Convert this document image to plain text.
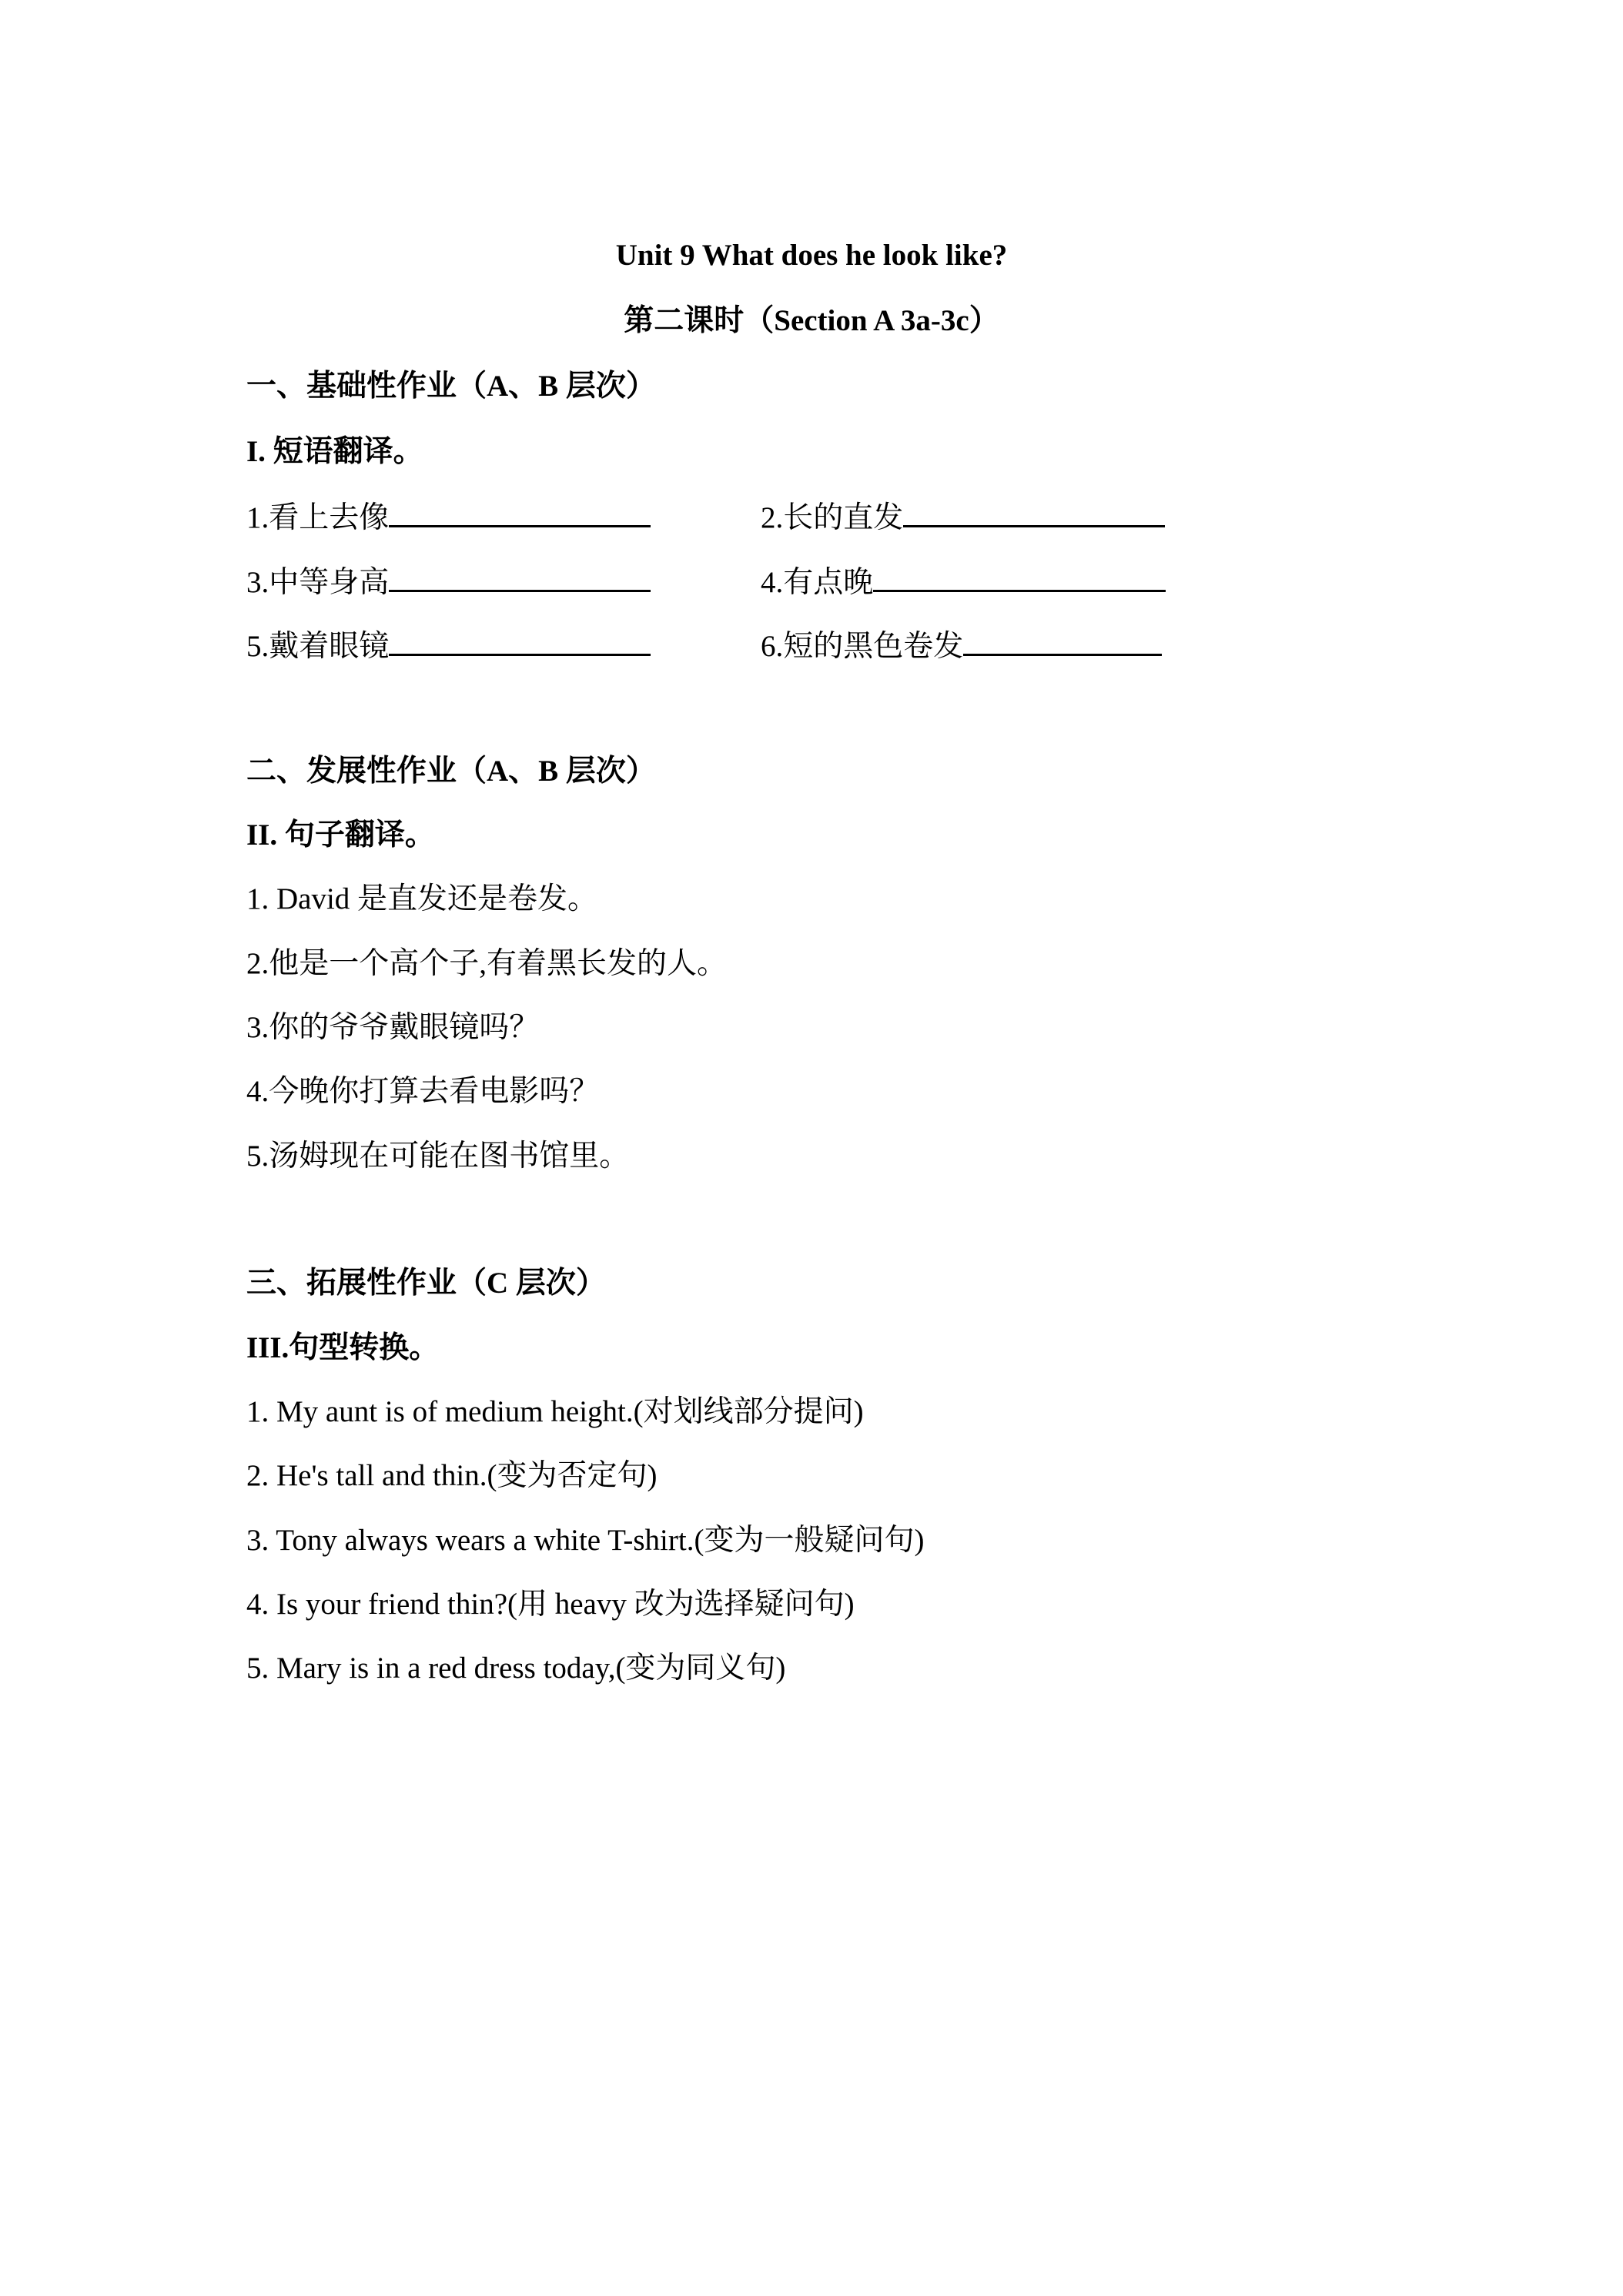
Unit 9 What does he look like?
第二课时（Section A 3a-3c）
一、基础性作业（A、B 层次）
I. 短语翻译。
1.看上去像	2.长的直发
3.中等身高	4.有点晚
5.戴着眼镜	6.短的黑色卷发
二、发展性作业（A、B 层次）
II. 句子翻译。
1. David 是直发还是卷发。
2.他是一个高个子,有着黑长发的人。
3.你的爷爷戴眼镜吗？
4.今晚你打算去看电影吗？
5.汤姆现在可能在图书馆里。
三、拓展性作业（C 层次）
III.句型转换。
1. My aunt is of medium height.(对划线部分提问)
2. He's tall and thin.(变为否定句)
3. Tony always wears a white T-shirt.(变为一般疑问句)
4. Is your friend thin?(用 heavy 改为选择疑问句)
5. Mary is in a red dress today,(变为同义句)
